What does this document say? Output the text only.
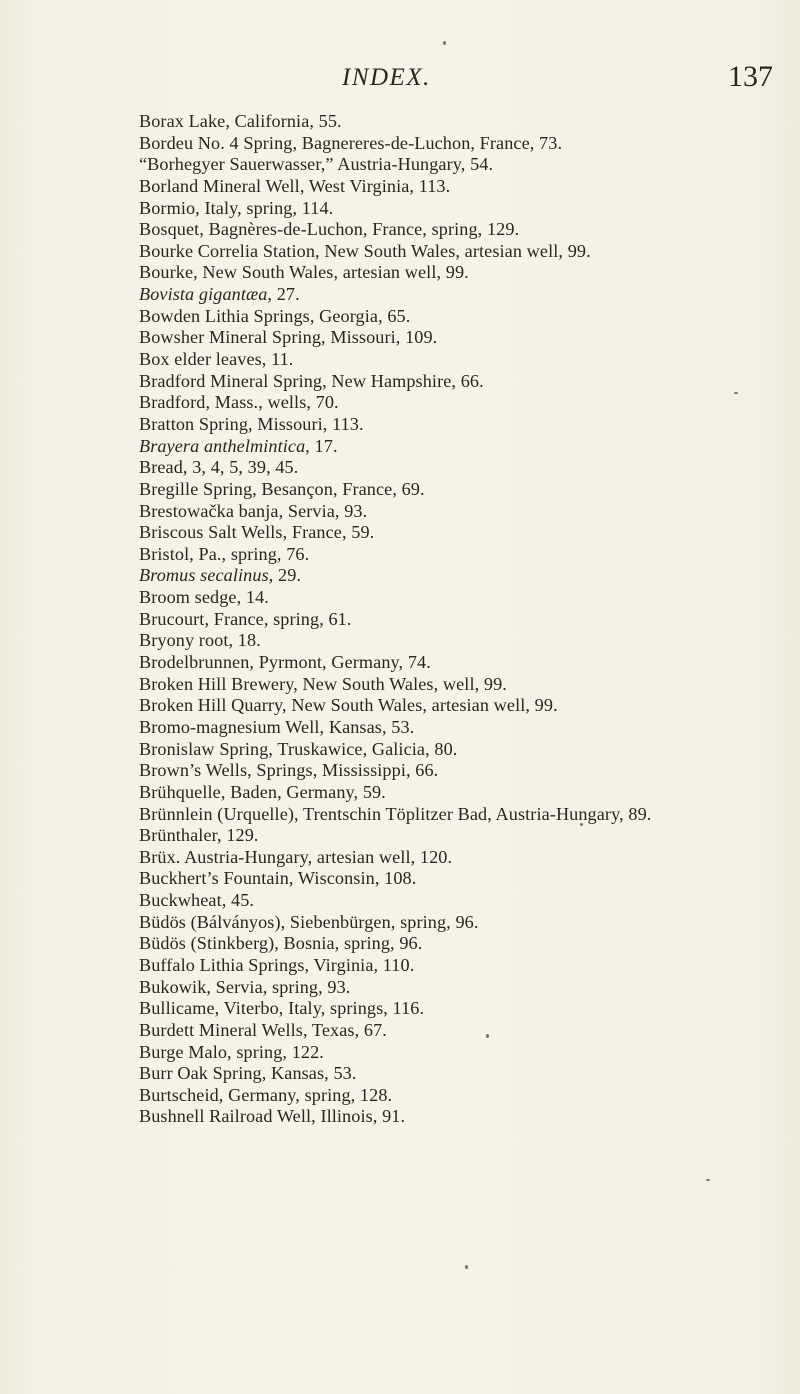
INDEX.	137
Borax Lake, California, 55.
Bordeu No. 4 Spring, Bagnereres-de-Luchon, France, 73.
“Borhegyer Sauerwasser,” Austria-Hungary, 54.
Borland Mineral Well, West Virginia, 113.
Bormio, Italy, spring, 114.
Bosquet, Bagnères-de-Luchon, France, spring, 129.
Bourke Correlia Station, New South Wales, artesian well, 99.
Bourke, New South Wales, artesian well, 99.
Bovista gigantæa, 27.
Bowden Lithia Springs, Georgia, 65.
Bowsher Mineral Spring, Missouri, 109.
Box elder leaves, 11.
Bradford Mineral Spring, New Hampshire, 66.
Bradford, Mass., wells, 70.
Bratton Spring, Missouri, 113.
Brayera anthelmintica, 17.
Bread, 3, 4, 5, 39, 45.
Bregille Spring, Besançon, France, 69.
Brestowačka banja, Servia, 93.
Briscous Salt Wells, France, 59.
Bristol, Pa., spring, 76.
Bromus secalinus, 29.
Broom sedge, 14.
Brucourt, France, spring, 61.
Bryony root, 18.
Brodelbrunnen, Pyrmont, Germany, 74.
Broken Hill Brewery, New South Wales, well, 99.
Broken Hill Quarry, New South Wales, artesian well, 99.
Bromo-magnesium Well, Kansas, 53.
Bronislaw Spring, Truskawice, Galicia, 80.
Brown’s Wells, Springs, Mississippi, 66.
Brühquelle, Baden, Germany, 59.
Brünnlein (Urquelle), Trentschin Töplitzer Bad, Austria-Hungary, 89.
Brünthaler, 129.
Brüx. Austria-Hungary, artesian well, 120.
Buckhert’s Fountain, Wisconsin, 108.
Buckwheat, 45.
Büdös (Bálványos), Siebenbürgen, spring, 96.
Büdös (Stinkberg), Bosnia, spring, 96.
Buffalo Lithia Springs, Virginia, 110.
Bukowik, Servia, spring, 93.
Bullicame, Viterbo, Italy, springs, 116.
Burdett Mineral Wells, Texas, 67.
Burge Malo, spring, 122.
Burr Oak Spring, Kansas, 53.
Burtscheid, Germany, spring, 128.
Bushnell Railroad Well, Illinois, 91.
